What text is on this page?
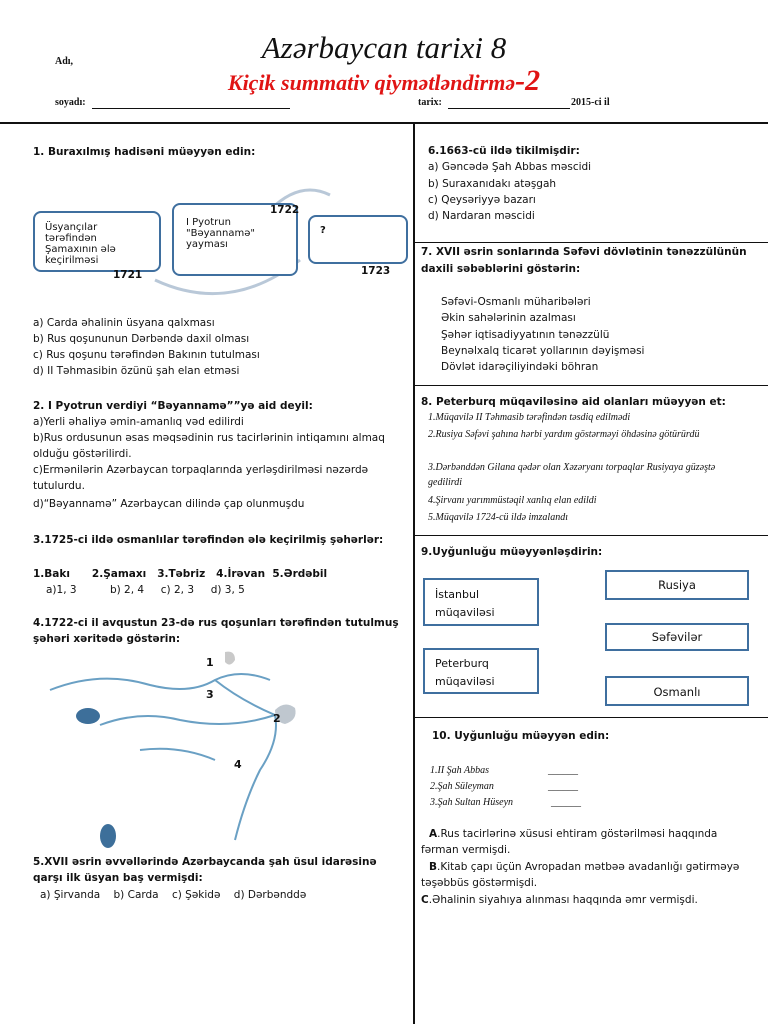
Azərbaycan tarixi 8
Kiçik summativ qiymətləndirmə-2
Adı,
soyadı:	tarix:	2015-ci il
1. Buraxılmış hadisəni müəyyən edin:
Üsyançılar tərəfindən Şamaxının ələ keçirilməsi
I Pyotrun "Bəyannamə" yayması
?
1721
1722
1723
a) Carda əhalinin üsyana qalxması
b) Rus qoşununun Dərbəndə daxil olması
c) Rus qoşunu tərəfindən Bakının tutulması
d) II Təhmasibin özünü şah elan etməsi
2. I Pyotrun verdiyi “Bəyannamə””yə aid deyil:
a)Yerli əhaliyə əmin-amanlıq vəd edilirdi
b)Rus ordusunun əsas məqsədinin rus tacirlərinin intiqamını almaq olduğu göstərilirdi.
c)Ermənilərin Azərbaycan torpaqlarında yerləşdirilməsi nəzərdə tutulurdu.
d)“Bəyannamə” Azərbaycan dilində çap olunmuşdu
3.1725-ci ildə osmanlılar tərəfindən ələ keçirilmiş şəhərlər:
1.Bakı      2.Şamaxı   3.Təbriz   4.İrəvan  5.Ərdəbil
a)1, 3          b) 2, 4     c) 2, 3     d) 3, 5
4.1722-ci il avqustun 23-də rus qoşunları tərəfindən tutulmuş şəhəri xəritədə göstərin:
1
2
3
4
5.XVII əsrin əvvəllərində Azərbaycanda şah üsul idarəsinə qarşı ilk üsyan baş vermişdi:
a) Şirvanda    b) Carda    c) Şəkidə    d) Dərbənddə
6.1663-cü ildə tikilmişdir:
a) Gəncədə Şah Abbas məscidi
b) Suraxanıdakı atəşgah
c) Qeysəriyyə bazarı
d) Nardaran məscidi
7. XVII əsrin sonlarında Səfəvi dövlətinin tənəzzülünün daxili səbəblərini göstərin:
Səfəvi-Osmanlı müharibələri
Əkin sahələrinin azalması
Şəhər iqtisadiyyatının tənəzzülü
Beynəlxalq ticarət yollarının dəyişməsi
Dövlət idarəçiliyindəki böhran
8. Peterburq müqaviləsinə aid olanları müəyyən et:
1.Müqavilə II Təhmasib tərəfindən təsdiq edilmədi
2.Rusiya Səfəvi şahına hərbi yardım göstərməyi öhdəsinə götürürdü
3.Dərbənddən Gilana qədər olan Xəzəryanı torpaqlar Rusiyaya güzəştə gedilirdi
4.Şirvanı yarımmüstəqil xanlıq elan edildi
5.Müqavilə 1724-cü ildə imzalandı
9.Uyğunluğu müəyyənləşdirin:
İstanbul müqaviləsi
Peterburq müqaviləsi
Rusiya
Səfəvilər
Osmanlı
10. Uyğunluğu müəyyən edin:
1.II Şah Abbas
2.Şah Süleyman
3.Şah Sultan Hüseyn
______
______
______
A.Rus tacirlərinə xüsusi ehtiram göstərilməsi haqqında fərman vermişdi.
B.Kitab çapı üçün Avropadan mətbəə avadanlığı gətirməyə təşəbbüs göstərmişdi.
C.Əhalinin siyahıya alınması haqqında əmr vermişdi.
